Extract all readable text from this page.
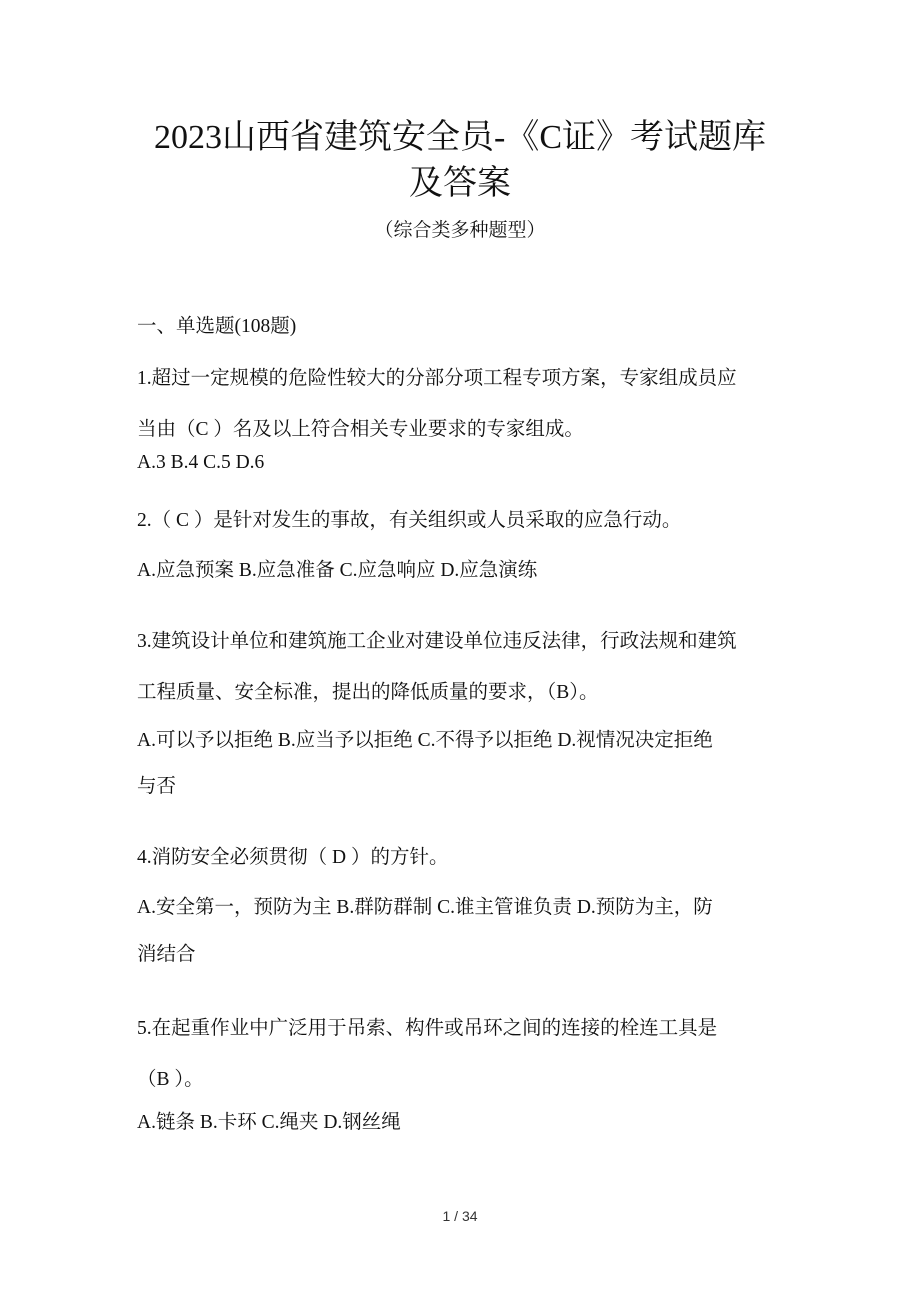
2023山西省建筑安全员-《C证》考试题库
及答案
（综合类多种题型）
一、单选题(108题)
1.超过一定规模的危险性较大的分部分项工程专项方案，专家组成员应
当由（C ）名及以上符合相关专业要求的专家组成。
A.3 B.4 C.5 D.6
2.（ C ）是针对发生的事故，有关组织或人员采取的应急行动。
A.应急预案 B.应急准备 C.应急响应 D.应急演练
3.建筑设计单位和建筑施工企业对建设单位违反法律，行政法规和建筑
工程质量、安全标准，提出的降低质量的要求，（B）。
A.可以予以拒绝 B.应当予以拒绝 C.不得予以拒绝 D.视情况决定拒绝
与否
4.消防安全必须贯彻（ D ）的方针。
A.安全第一，预防为主 B.群防群制 C.谁主管谁负责 D.预防为主，防
消结合
5.在起重作业中广泛用于吊索、构件或吊环之间的连接的栓连工具是
（B ）。
A.链条 B.卡环 C.绳夹 D.钢丝绳
1 / 34
